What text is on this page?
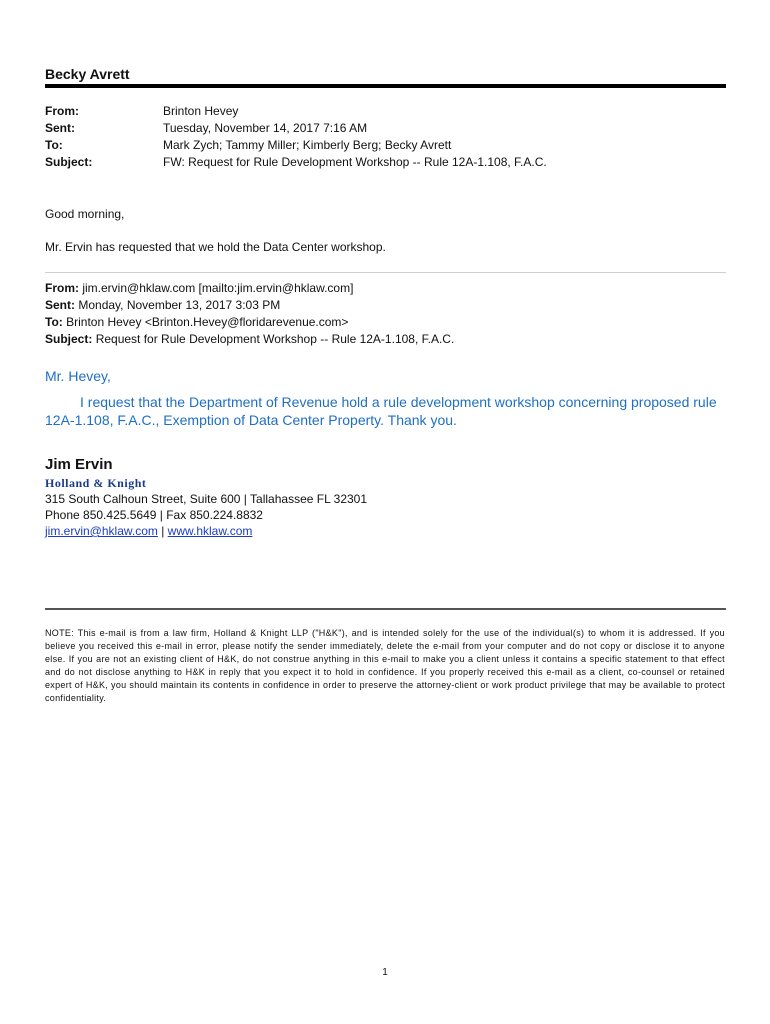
Becky Avrett
From:	Brinton Hevey
Sent:	Tuesday, November 14, 2017 7:16 AM
To:	Mark Zych; Tammy Miller; Kimberly Berg; Becky Avrett
Subject:	FW: Request for Rule Development Workshop -- Rule 12A-1.108, F.A.C.

Good morning,

Mr. Ervin has requested that we hold the Data Center workshop.

From: jim.ervin@hklaw.com [mailto:jim.ervin@hklaw.com]
Sent: Monday, November 13, 2017 3:03 PM
To: Brinton Hevey <Brinton.Hevey@floridarevenue.com>
Subject: Request for Rule Development Workshop -- Rule 12A-1.108, F.A.C.

Mr. Hevey,

I request that the Department of Revenue hold a rule development workshop concerning proposed rule 12A-1.108, F.A.C., Exemption of Data Center Property. Thank you.

Jim Ervin
Holland & Knight
315 South Calhoun Street, Suite 600 | Tallahassee FL 32301
Phone 850.425.5649 | Fax 850.224.8832
jim.ervin@hklaw.com | www.hklaw.com
NOTE: This e-mail is from a law firm, Holland & Knight LLP ("H&K"), and is intended solely for the use of the individual(s) to whom it is addressed. If you believe you received this e-mail in error, please notify the sender immediately, delete the e-mail from your computer and do not copy or disclose it to anyone else. If you are not an existing client of H&K, do not construe anything in this e-mail to make you a client unless it contains a specific statement to that effect and do not disclose anything to H&K in reply that you expect it to hold in confidence. If you properly received this e-mail as a client, co-counsel or retained expert of H&K, you should maintain its contents in confidence in order to preserve the attorney-client or work product privilege that may be available to protect confidentiality.
1
